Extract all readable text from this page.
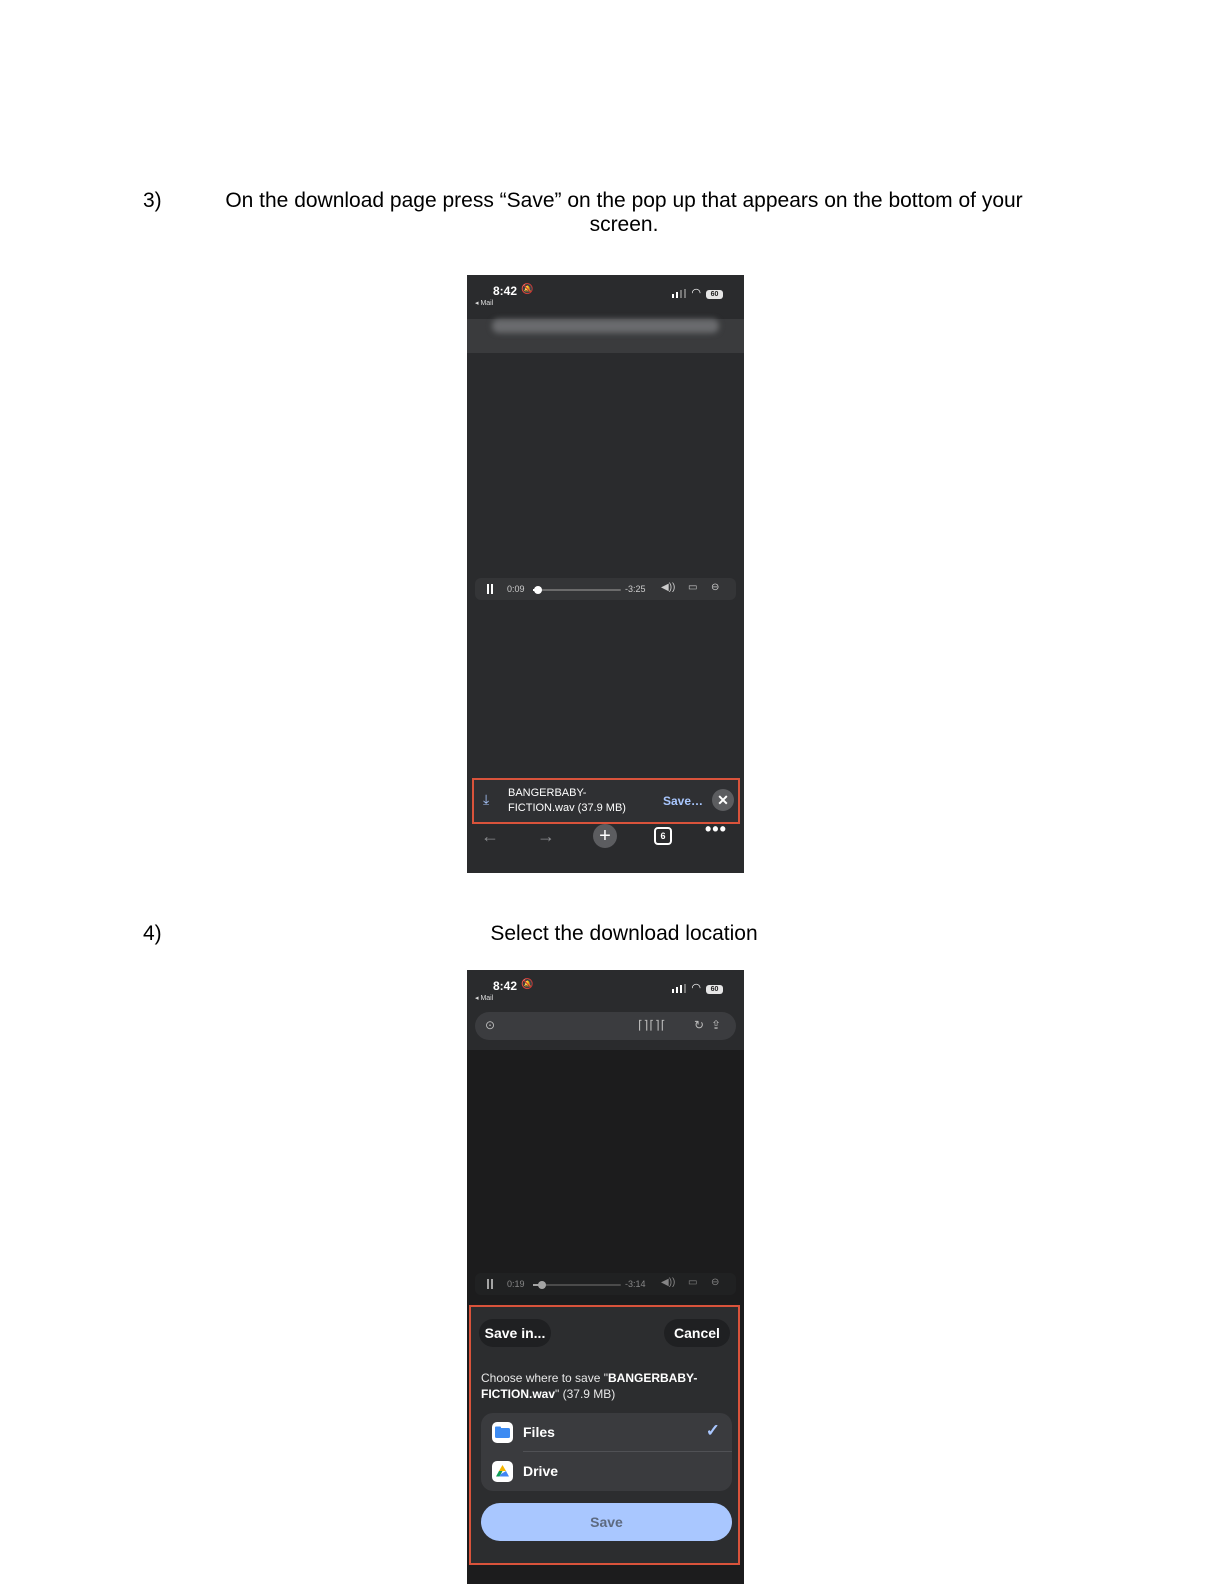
3)	On the download page press “Save” on the pop up that appears on the bottom of your screen.
8:42 🔕
◂ Mail
◠	60
0:09	-3:25 ◀)) ▭ ⊖
⤓ BANGERBABY-FICTION.wav (37.9 MB)	Save…	✕
← →	+	6	•••
4)	Select the download location
8:42 🔕
◂ Mail
◠	60
⊙	⌈⌉⌈⌉⌈ ↻ ⇪
0:19	-3:14 ◀)) ▭ ⊖
Save in...	Cancel
Choose where to save "BANGERBABY-FICTION.wav" (37.9 MB)
Files	✓
Drive
Save
